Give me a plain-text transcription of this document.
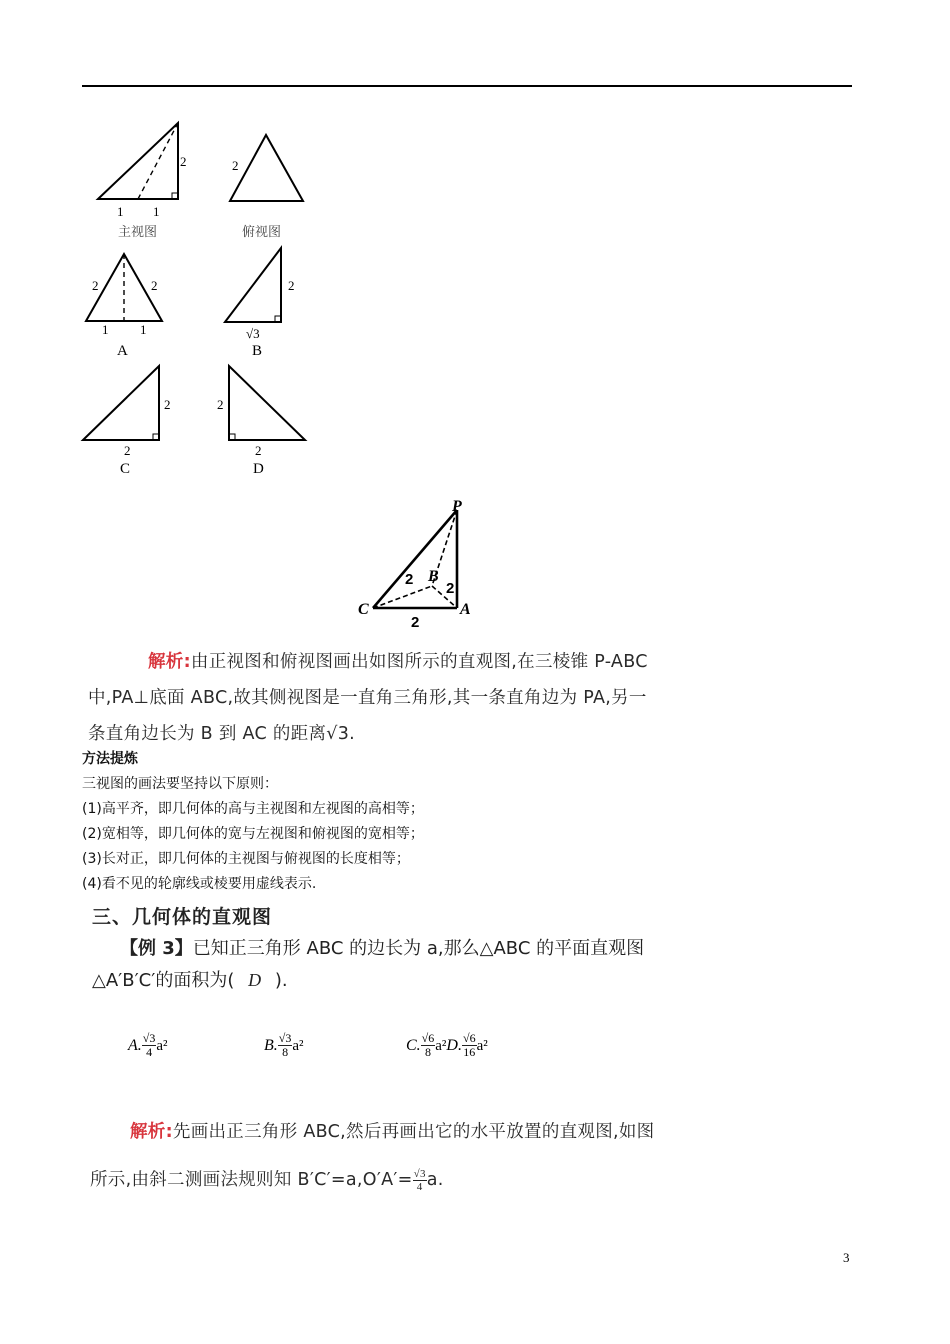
2
1 1
主视图
2
俯视图
2	2
1 1
A
2
√3
B
2
2
C
2
2
D
P
B
C	A
2
2
2
解析:由正视图和俯视图画出如图所示的直观图,在三棱锥 P-ABC
中,PA⊥底面 ABC,故其侧视图是一直角三角形,其一条直角边为 PA,另一
条直角边长为 B 到 AC 的距离√3.
方法提炼
三视图的画法要坚持以下原则：
(1)高平齐，即几何体的高与主视图和左视图的高相等；
(2)宽相等，即几何体的宽与左视图和俯视图的宽相等；
(3)长对正，即几何体的主视图与俯视图的长度相等；
(4)看不见的轮廓线或棱要用虚线表示.
三、几何体的直观图
【例 3】已知正三角形 ABC 的边长为 a,那么△ABC 的平面直观图
△A′B′C′的面积为( D ).
A. $\frac{√3}{4} a^2$	B. $\frac{√3}{8} a^2$	C. $\frac{√6}{8} a^2D$. $\frac{√6}{16} a^2$
解析:先画出正三角形 ABC,然后再画出它的水平放置的直观图,如图
所示,由斜二测画法规则知 $B'C'=a,O'A'= \frac{√3}{4} a$.
3
